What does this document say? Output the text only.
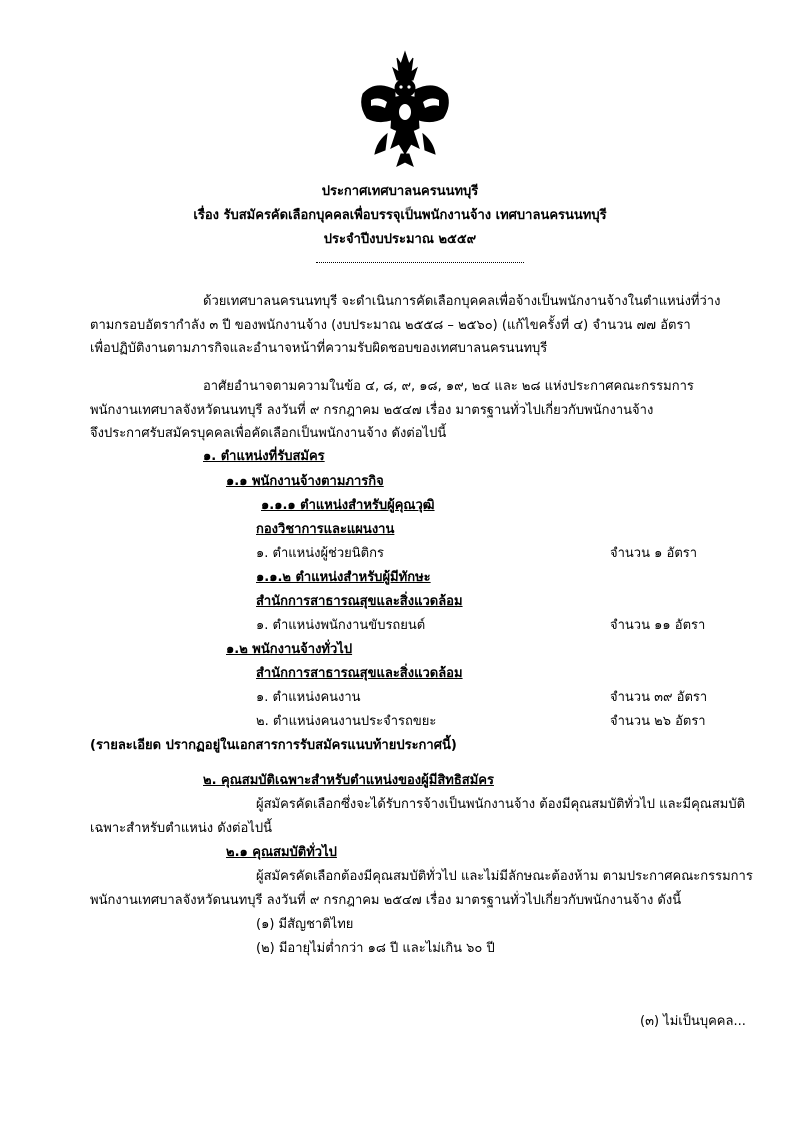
ประกาศเทศบาลนครนนทบุรี
เรื่อง รับสมัครคัดเลือกบุคคลเพื่อบรรจุเป็นพนักงานจ้าง เทศบาลนครนนทบุรี
ประจำปีงบประมาณ ๒๕๕๙
ด้วยเทศบาลนครนนทบุรี จะดำเนินการคัดเลือกบุคคลเพื่อจ้างเป็นพนักงานจ้างในตำแหน่งที่ว่าง
ตามกรอบอัตรากำลัง ๓ ปี ของพนักงานจ้าง (งบประมาณ ๒๕๕๘ – ๒๕๖๐) (แก้ไขครั้งที่ ๔) จำนวน ๗๗ อัตรา
เพื่อปฏิบัติงานตามภารกิจและอำนาจหน้าที่ความรับผิดชอบของเทศบาลนครนนทบุรี
อาศัยอำนาจตามความในข้อ ๔, ๘, ๙, ๑๘, ๑๙, ๒๔ และ ๒๘ แห่งประกาศคณะกรรมการ
พนักงานเทศบาลจังหวัดนนทบุรี ลงวันที่ ๙ กรกฎาคม ๒๕๔๗ เรื่อง มาตรฐานทั่วไปเกี่ยวกับพนักงานจ้าง
จึงประกาศรับสมัครบุคคลเพื่อคัดเลือกเป็นพนักงานจ้าง ดังต่อไปนี้
๑. ตำแหน่งที่รับสมัคร
๑.๑ พนักงานจ้างตามภารกิจ
๑.๑.๑ ตำแหน่งสำหรับผู้คุณวุฒิ
กองวิชาการและแผนงาน
๑. ตำแหน่งผู้ช่วยนิติกร	จำนวน ๑ อัตรา
๑.๑.๒ ตำแหน่งสำหรับผู้มีทักษะ
สำนักการสาธารณสุขและสิ่งแวดล้อม
๑. ตำแหน่งพนักงานขับรถยนต์	จำนวน ๑๑ อัตรา
๑.๒ พนักงานจ้างทั่วไป
สำนักการสาธารณสุขและสิ่งแวดล้อม
๑. ตำแหน่งคนงาน	จำนวน ๓๙ อัตรา
๒. ตำแหน่งคนงานประจำรถขยะ	จำนวน ๒๖ อัตรา
(รายละเอียด ปรากฏอยู่ในเอกสารการรับสมัครแนบท้ายประกาศนี้)
๒. คุณสมบัติเฉพาะสำหรับตำแหน่งของผู้มีสิทธิสมัคร
ผู้สมัครคัดเลือกซึ่งจะได้รับการจ้างเป็นพนักงานจ้าง ต้องมีคุณสมบัติทั่วไป และมีคุณสมบัติ
เฉพาะสำหรับตำแหน่ง ดังต่อไปนี้
๒.๑ คุณสมบัติทั่วไป
ผู้สมัครคัดเลือกต้องมีคุณสมบัติทั่วไป และไม่มีลักษณะต้องห้าม ตามประกาศคณะกรรมการ
พนักงานเทศบาลจังหวัดนนทบุรี ลงวันที่ ๙ กรกฎาคม ๒๕๔๗ เรื่อง มาตรฐานทั่วไปเกี่ยวกับพนักงานจ้าง ดังนี้
(๑) มีสัญชาติไทย
(๒) มีอายุไม่ต่ำกว่า ๑๘ ปี และไม่เกิน ๖๐ ปี
(๓) ไม่เป็นบุคคล...
